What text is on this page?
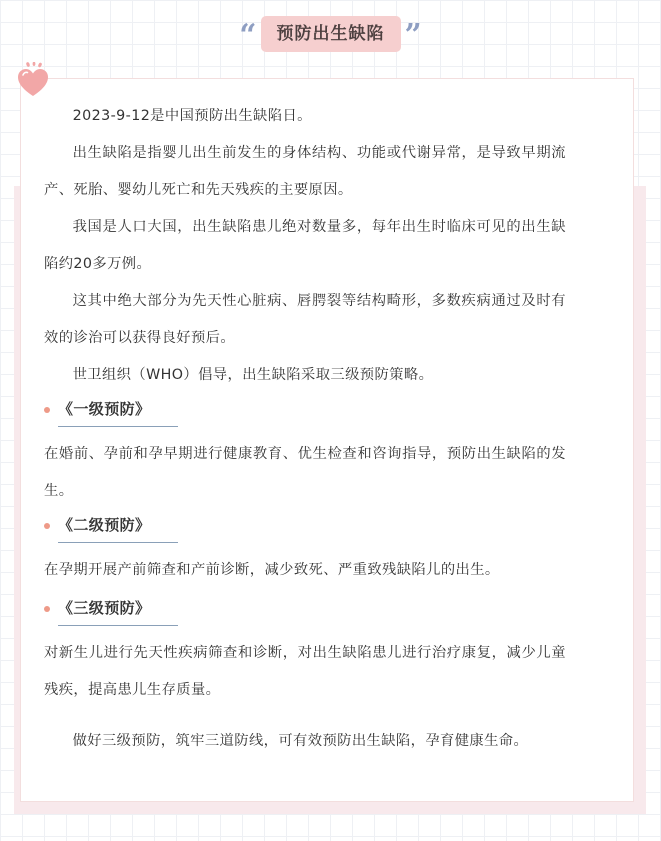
“	预防出生缺陷 ”

2023-9-12是中国预防出生缺陷日。

出生缺陷是指婴儿出生前发生的身体结构、功能或代谢异常，是导致早期流产、死胎、婴幼儿死亡和先天残疾的主要原因。

我国是人口大国，出生缺陷患儿绝对数量多，每年出生时临床可见的出生缺陷约20多万例。

这其中绝大部分为先天性心脏病、唇腭裂等结构畸形，多数疾病通过及时有效的诊治可以获得良好预后。

世卫组织（WHO）倡导，出生缺陷采取三级预防策略。

《一级预防》

在婚前、孕前和孕早期进行健康教育、优生检查和咨询指导，预防出生缺陷的发生。

《二级预防》

在孕期开展产前筛查和产前诊断，减少致死、严重致残缺陷儿的出生。

《三级预防》

对新生儿进行先天性疾病筛查和诊断，对出生缺陷患儿进行治疗康复，减少儿童残疾，提高患儿生存质量。

做好三级预防，筑牢三道防线，可有效预防出生缺陷，孕育健康生命。
